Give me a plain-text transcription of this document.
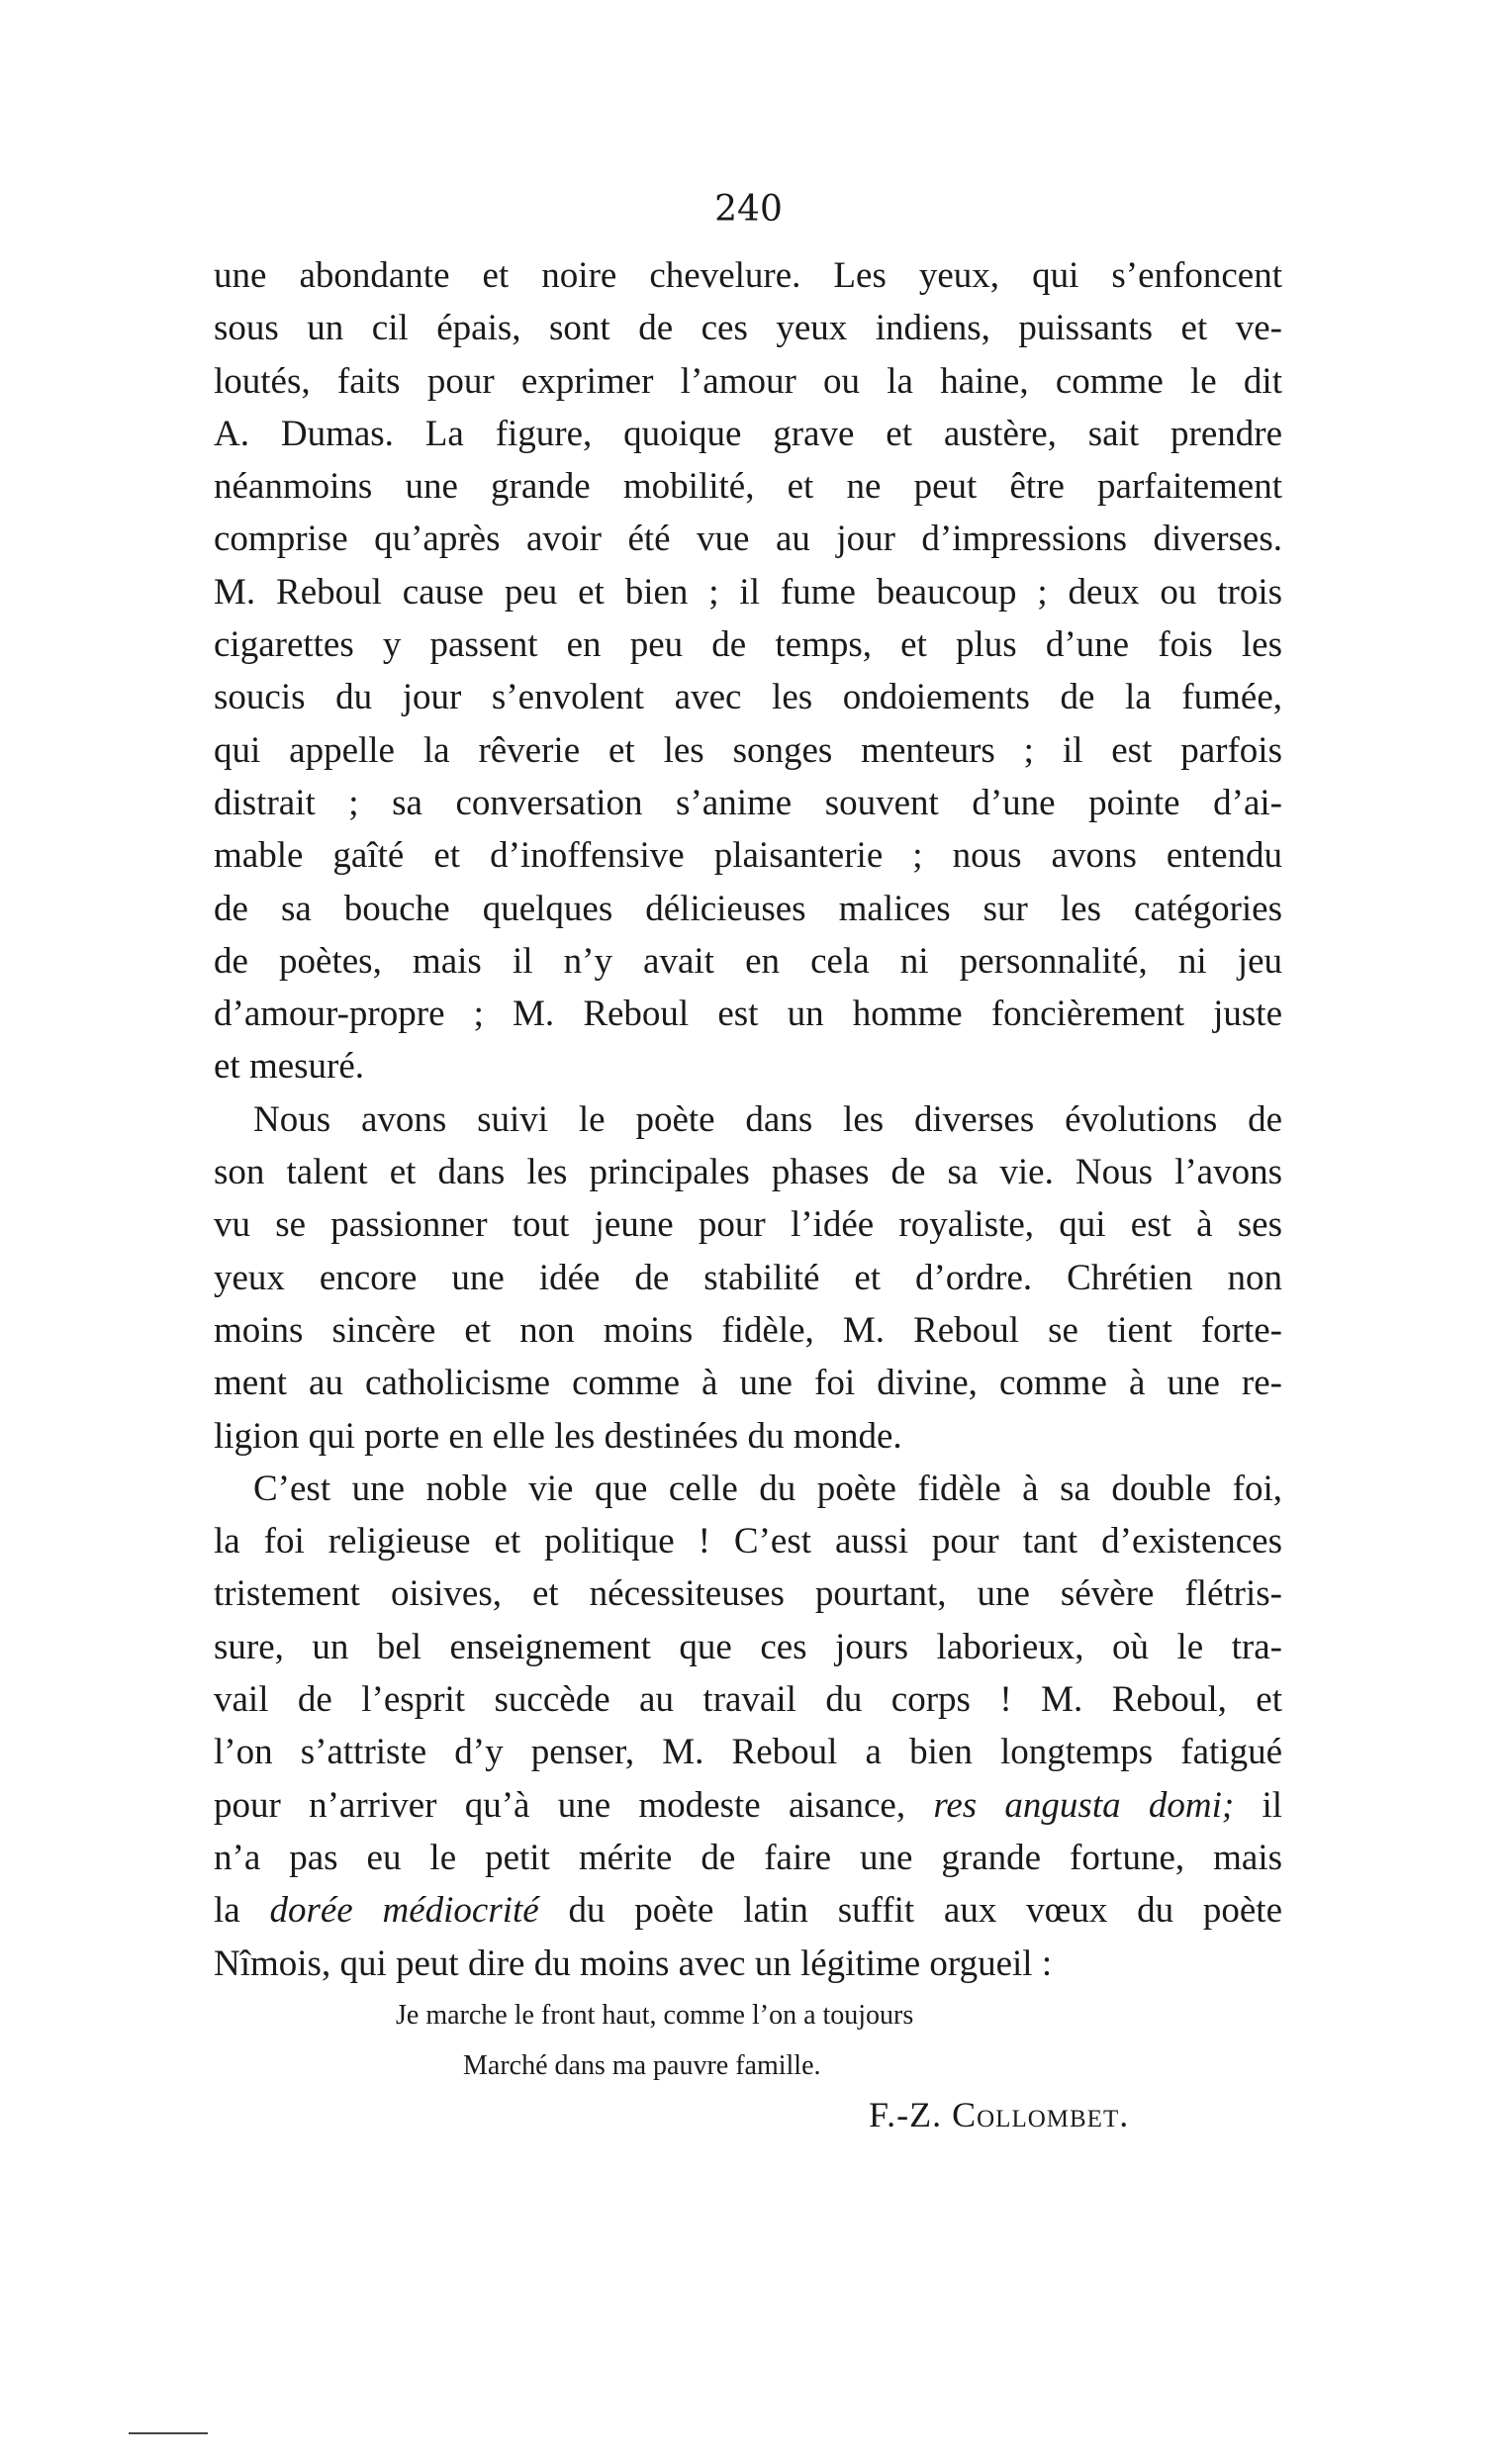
240
une abondante et noire chevelure. Les yeux, qui s’enfoncent
sous un cil épais, sont de ces yeux indiens, puissants et ve-
loutés, faits pour exprimer l’amour ou la haine, comme le dit
A. Dumas. La figure, quoique grave et austère, sait prendre
néanmoins une grande mobilité, et ne peut être parfaitement
comprise qu’après avoir été vue au jour d’impressions diverses.
M. Reboul cause peu et bien ; il fume beaucoup ; deux ou trois
cigarettes y passent en peu de temps, et plus d’une fois les
soucis du jour s’envolent avec les ondoiements de la fumée,
qui appelle la rêverie et les songes menteurs ; il est parfois
distrait ; sa conversation s’anime souvent d’une pointe d’ai-
mable gaîté et d’inoffensive plaisanterie ; nous avons entendu
de sa bouche quelques délicieuses malices sur les catégories
de poètes, mais il n’y avait en cela ni personnalité, ni jeu
d’amour-propre ; M. Reboul est un homme foncièrement juste
et mesuré.
Nous avons suivi le poète dans les diverses évolutions de
son talent et dans les principales phases de sa vie. Nous l’avons
vu se passionner tout jeune pour l’idée royaliste, qui est à ses
yeux encore une idée de stabilité et d’ordre. Chrétien non
moins sincère et non moins fidèle, M. Reboul se tient forte-
ment au catholicisme comme à une foi divine, comme à une re-
ligion qui porte en elle les destinées du monde.
C’est une noble vie que celle du poète fidèle à sa double foi,
la foi religieuse et politique ! C’est aussi pour tant d’existences
tristement oisives, et nécessiteuses pourtant, une sévère flétris-
sure, un bel enseignement que ces jours laborieux, où le tra-
vail de l’esprit succède au travail du corps ! M. Reboul, et
l’on s’attriste d’y penser, M. Reboul a bien longtemps fatigué
pour n’arriver qu’à une modeste aisance, res angusta domi; il
n’a pas eu le petit mérite de faire une grande fortune, mais
la dorée médiocrité du poète latin suffit aux vœux du poète
Nîmois, qui peut dire du moins avec un légitime orgueil :
Je marche le front haut, comme l’on a toujours
Marché dans ma pauvre famille.
F.-Z. Collombet.
